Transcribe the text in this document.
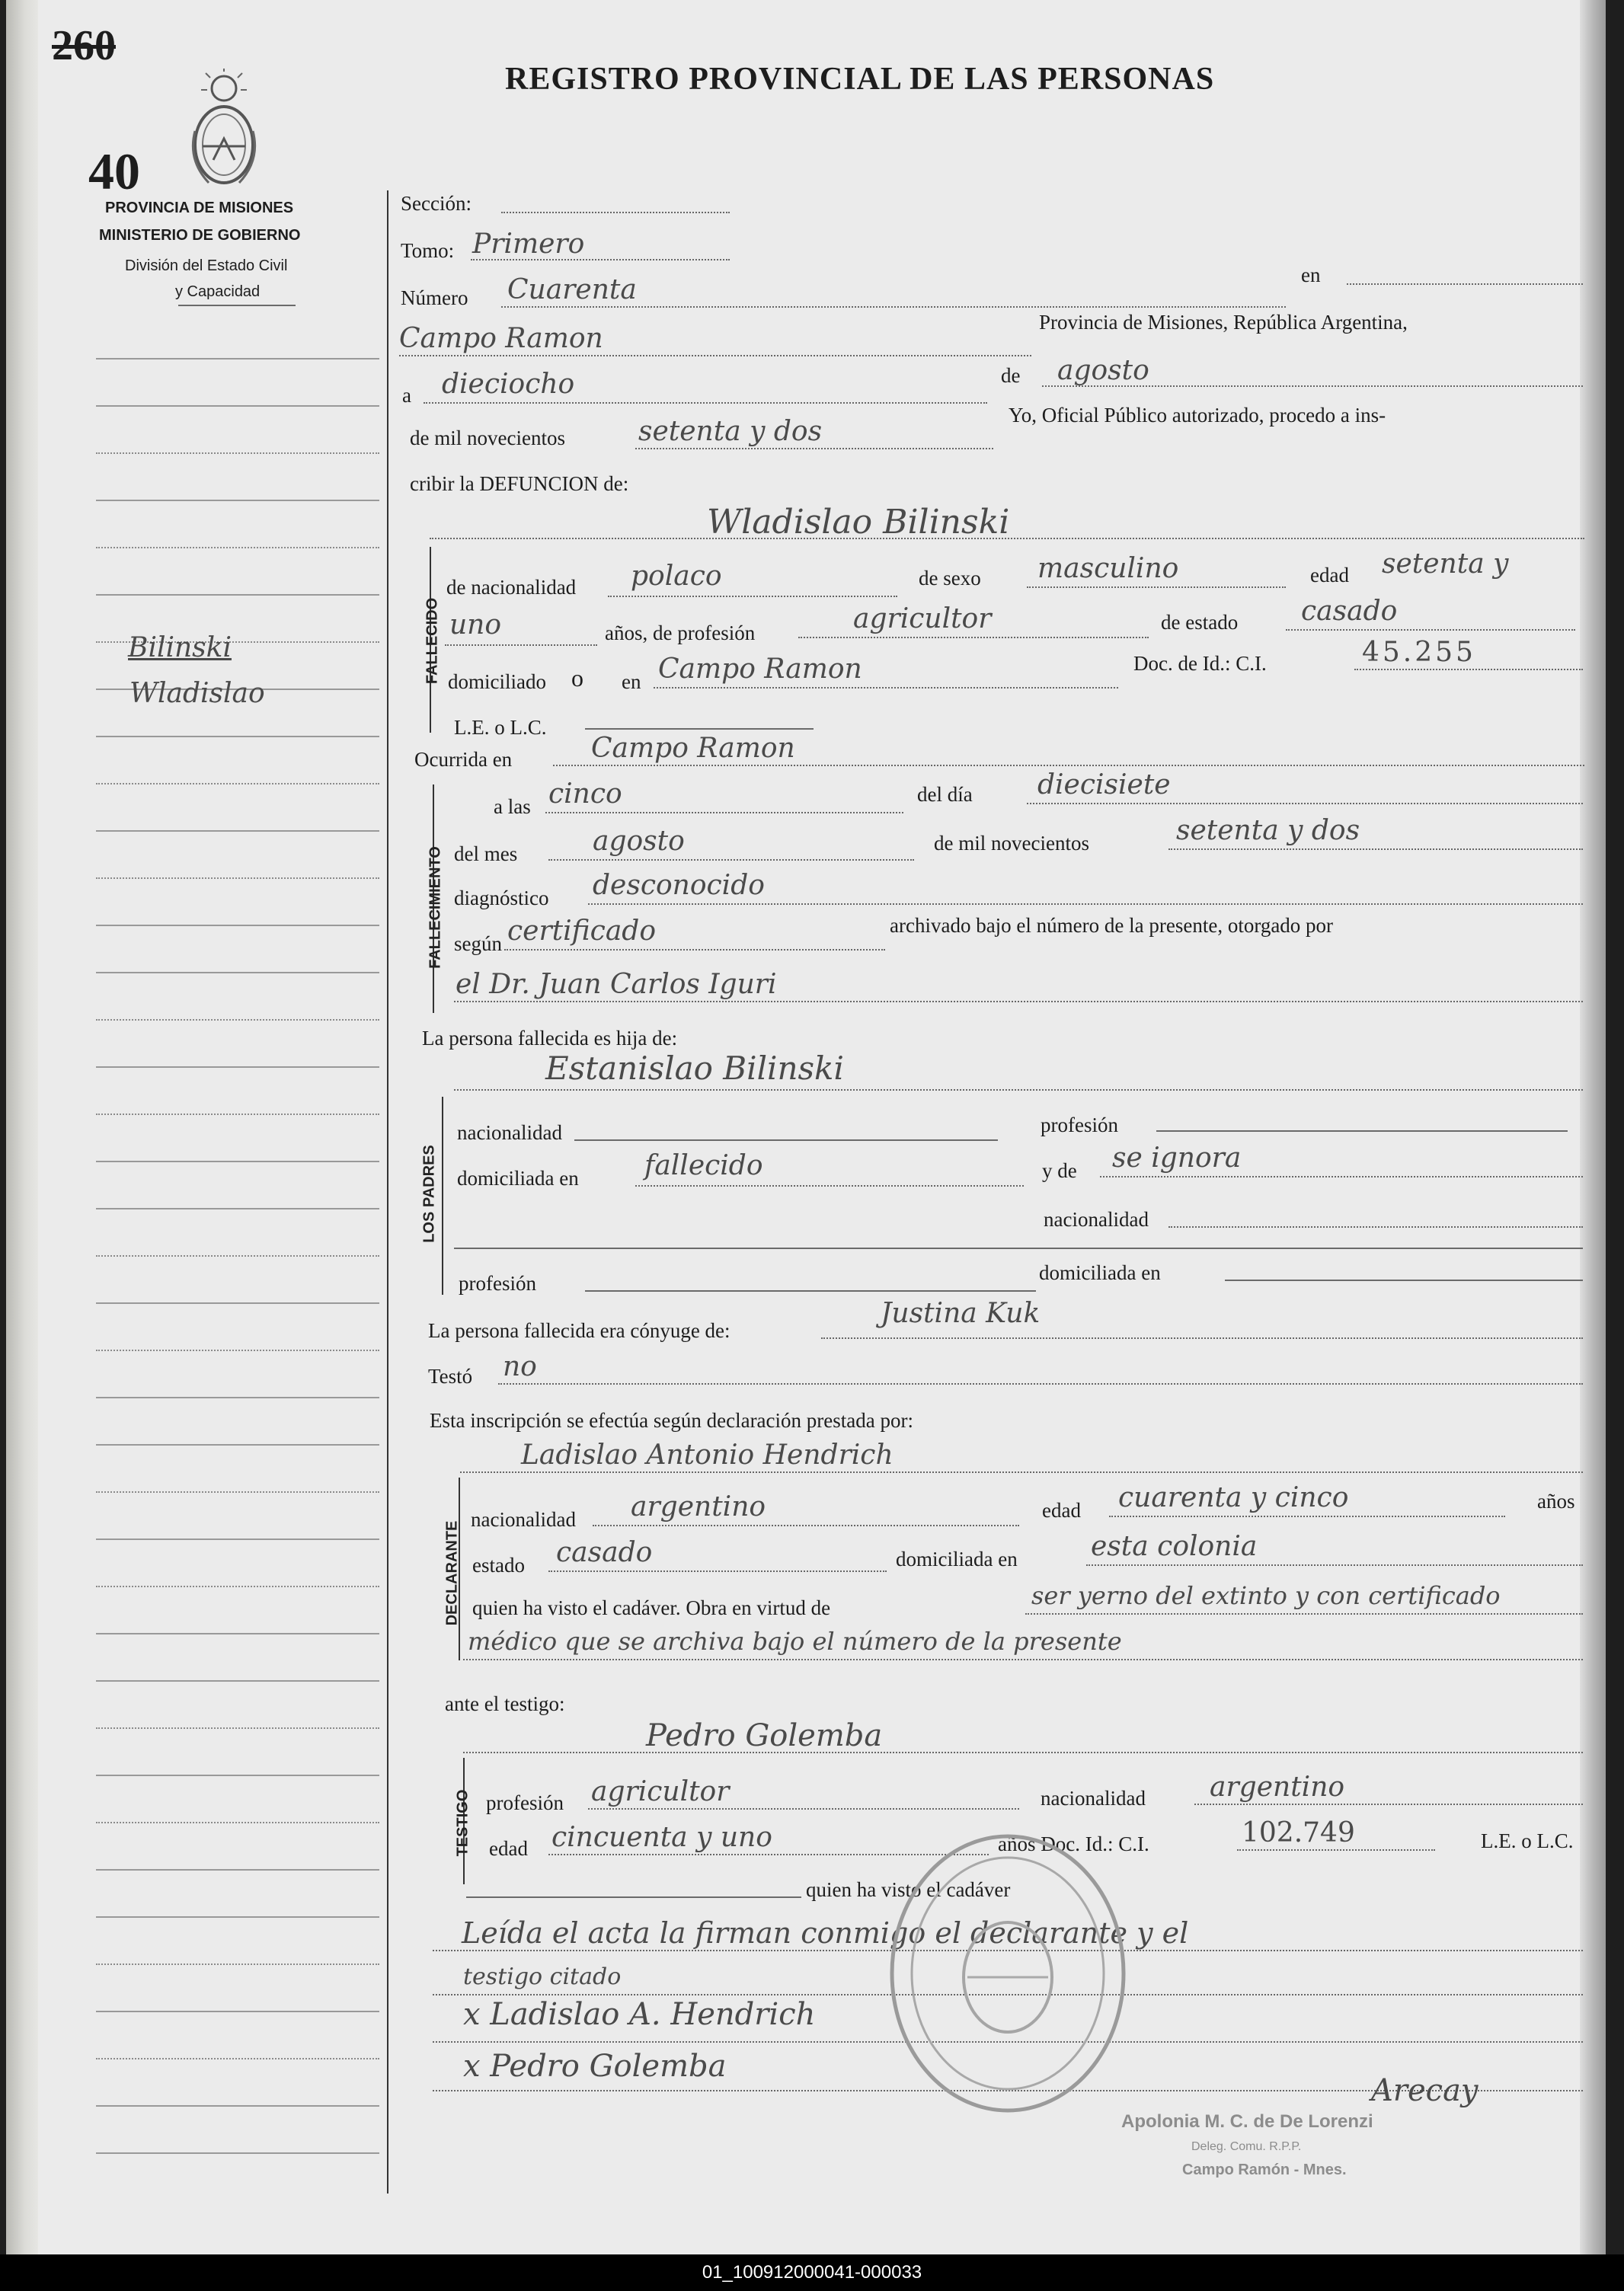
260
40
REGISTRO PROVINCIAL DE LAS PERSONAS
PROVINCIA DE MISIONES
MINISTERIO DE GOBIERNO
División del Estado Civil
y Capacidad
Bilinski
Wladislao
Sección:
Tomo: Primero
Número Cuarenta	en
Campo Ramon
Provincia de Misiones, República Argentina,
a dieciocho	de agosto
de mil novecientos	setenta y dos
Yo, Oficial Público autorizado, procedo a ins-
cribir la DEFUNCION de:
Wladislao Bilinski
FALLECIDO
de nacionalidad polaco	de sexo masculino	edad setenta y
uno	años, de profesión	agricultor	de estado casado
domiciliado o en Campo Ramon	Doc. de Id.: C.I.	45.255
L.E. o L.C.
Ocurrida en	Campo Ramon
FALLECIMIENTO
a las cinco	del día diecisiete
del mes	agosto	de mil novecientos	setenta y dos
diagnóstico desconocido
según certificado	archivado bajo el número de la presente, otorgado por
el Dr. Juan Carlos Iguri
La persona fallecida es hija de:
Estanislao Bilinski
LOS PADRES
nacionalidad	profesión
domiciliada en fallecido	y de se ignora
nacionalidad
profesión	domiciliada en
La persona fallecida era cónyuge de:
Justina Kuk
Testó no
Esta inscripción se efectúa según declaración prestada por:
Ladislao Antonio Hendrich
DECLARANTE
nacionalidad argentino	edad cuarenta y cinco	años
estado casado	domiciliada en	esta colonia
quien ha visto el cadáver. Obra en virtud de	ser yerno del extinto y con certificado
médico que se archiva bajo el número de la presente
ante el testigo:
Pedro Golemba
TESTIGO profesión agricultor	nacionalidad argentino
edad cincuenta y uno	años Doc. Id.: C.I.	102.749	L.E. o L.C.
quien ha visto el cadáver
Leída el acta la firman conmigo el declarante y el
testigo citado
x Ladislao A. Hendrich
x Pedro Golemba
Arecay
Apolonia M. C. de De Lorenzi
Deleg. Comu. R.P.P.
Campo Ramón - Mnes.
01_100912000041-000033
